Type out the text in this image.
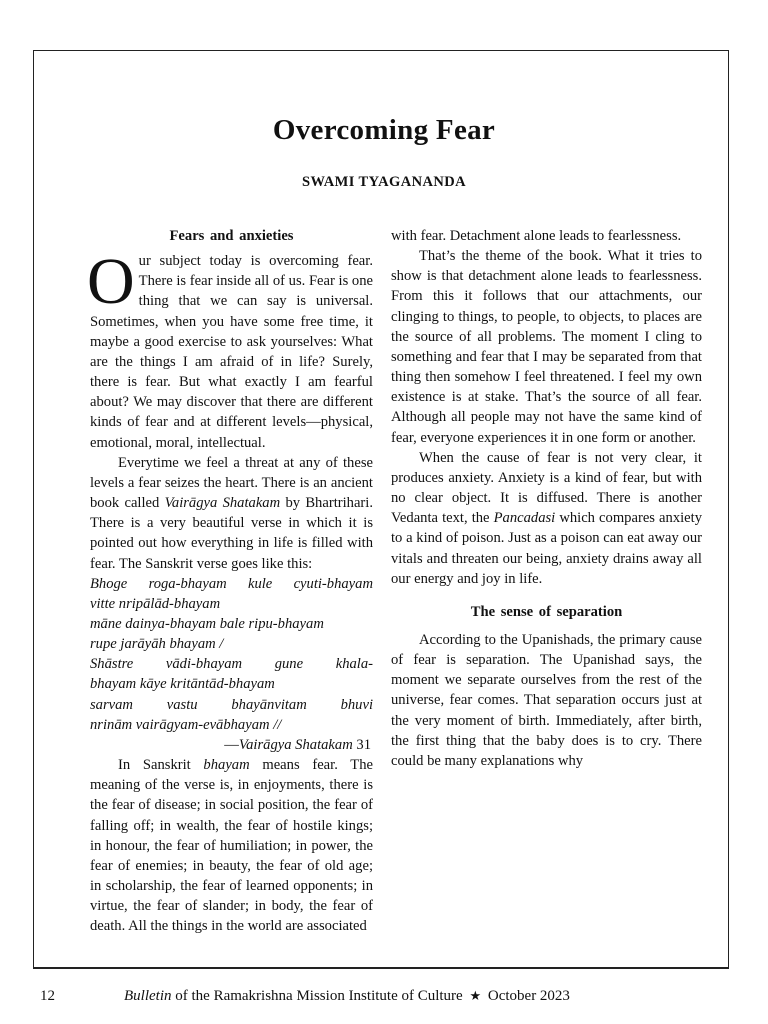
Overcoming Fear
SWAMI TYAGANANDA
Fears and anxieties

Our subject today is overcoming fear. There is fear inside all of us. Fear is one thing that we can say is universal. Sometimes, when you have some free time, it maybe a good exercise to ask yourselves: What are the things I am afraid of in life? Surely, there is fear. But what exactly I am fearful about? We may discover that there are different kinds of fear and at different levels—physical, emotional, moral, intellectual.

Everytime we feel a threat at any of these levels a fear seizes the heart. There is an ancient book called Vairāgya Shatakam by Bhartrihari. There is a very beautiful verse in which it is pointed out how everything in life is filled with fear. The Sanskrit verse goes like this:

Bhoge roga-bhayam kule cyuti-bhayam
vitte nripālād-bhayam
māne dainya-bhayam bale ripu-bhayam
rupe jarāyāh bhayam /
Shāstre vādi-bhayam gune khala-
bhayam kāye kritāntād-bhayam
sarvam vastu bhayānvitam bhuvi
nrinām vairāgyam-evābhayam //
—Vairāgya Shatakam 31

In Sanskrit bhayam means fear. The meaning of the verse is, in enjoyments, there is the fear of disease; in social position, the fear of falling off; in wealth, the fear of hostile kings; in honour, the fear of humiliation; in power, the fear of enemies; in beauty, the fear of old age; in scholarship, the fear of learned opponents; in virtue, the fear of slander; in body, the fear of death. All the things in the world are associated

with fear. Detachment alone leads to fearlessness.

That’s the theme of the book. What it tries to show is that detachment alone leads to fearlessness. From this it follows that our attachments, our clinging to things, to people, to objects, to places are the source of all problems. The moment I cling to something and fear that I may be separated from that thing then somehow I feel threatened. I feel my own existence is at stake. That’s the source of all fear. Although all people may not have the same kind of fear, everyone experiences it in one form or another.

When the cause of fear is not very clear, it produces anxiety. Anxiety is a kind of fear, but with no clear object. It is diffused. There is another Vedanta text, the Pancadasi which compares anxiety to a kind of poison. Just as a poison can eat away our vitals and threaten our being, anxiety drains away all our energy and joy in life.

The sense of separation

According to the Upanishads, the primary cause of fear is separation. The Upanishad says, the moment we separate ourselves from the rest of the universe, fear comes. That separation occurs just at the very moment of birth. Immediately, after birth, the first thing that the baby does is to cry. There could be many explanations why

12	Bulletin of the Ramakrishna Mission Institute of Culture ★ October 2023
